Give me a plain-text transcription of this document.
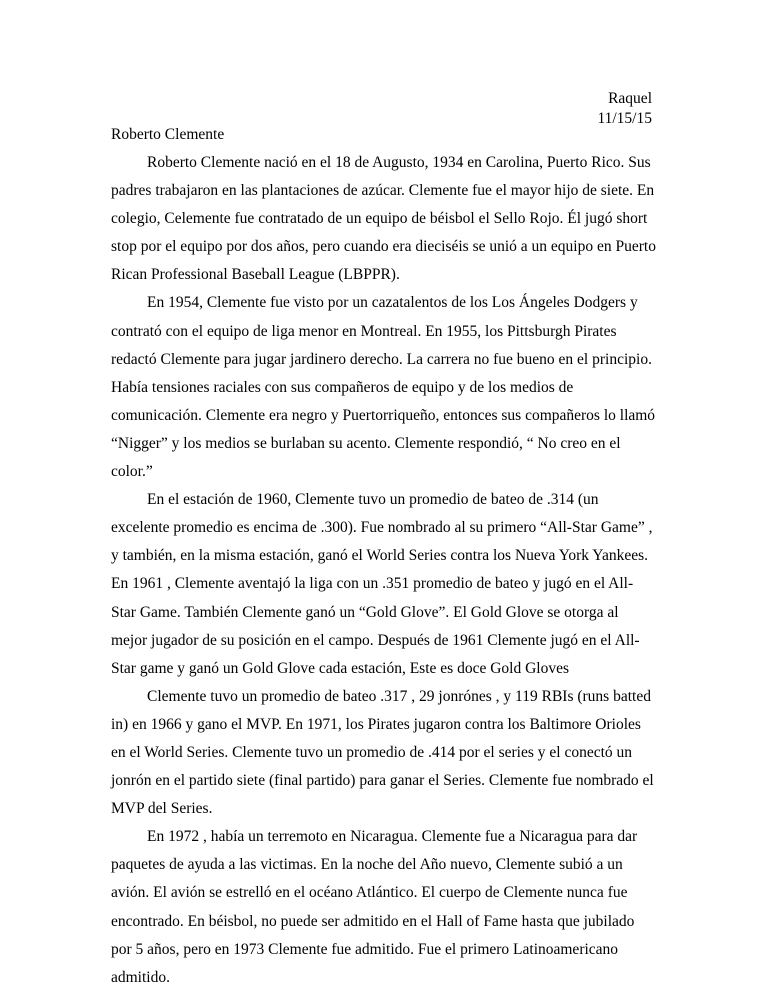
Raquel
11/15/15
Roberto Clemente

Roberto Clemente nació en el 18 de Augusto, 1934 en Carolina, Puerto Rico. Sus padres trabajaron en las plantaciones de azúcar. Clemente fue el mayor hijo de siete. En colegio, Celemente fue contratado de un equipo de béisbol el Sello Rojo. Él jugó short stop por el equipo por dos años, pero cuando era dieciséis se unió a un equipo en Puerto Rican Professional Baseball League (LBPPR).

En 1954, Clemente fue visto por un cazatalentos de los Los Ángeles Dodgers y contrató con el equipo de liga menor en Montreal. En 1955, los Pittsburgh Pirates redactó Clemente para jugar jardinero derecho. La carrera no fue bueno en el principio. Había tensiones raciales con sus compañeros de equipo y de los medios de comunicación. Clemente era negro y Puertorriqueño, entonces sus compañeros lo llamó “Nigger” y los medios se burlaban su acento. Clemente respondió, “ No creo en el color.”

En el estación de 1960, Clemente tuvo un promedio de bateo de .314 (un excelente promedio es encima de .300). Fue nombrado al su primero “All-Star Game” , y también, en la misma estación, ganó el World Series contra los Nueva York Yankees. En 1961 , Clemente aventajó la liga con un .351 promedio de bateo y jugó en el All-Star Game. También Clemente ganó un “Gold Glove”. El Gold Glove se otorga al mejor jugador de su posición en el campo. Después de 1961 Clemente jugó en el All-Star game y ganó un Gold Glove cada estación, Este es doce Gold Gloves

Clemente tuvo un promedio de bateo .317 , 29 jonrónes , y 119 RBIs (runs batted in) en 1966 y gano el MVP. En 1971, los Pirates jugaron contra los Baltimore Orioles en el World Series. Clemente tuvo un promedio de .414 por el series y el conectó un jonrón en el partido siete (final partido) para ganar el Series. Clemente fue nombrado el MVP del Series.

En 1972 , había un terremoto en Nicaragua. Clemente fue a Nicaragua para dar paquetes de ayuda a las victimas. En la noche del Año nuevo, Clemente subió a un avión. El avión se estrelló en el océano Atlántico. El cuerpo de Clemente nunca fue encontrado. En béisbol, no puede ser admitido en el Hall of Fame hasta que jubilado por 5 años, pero en 1973 Clemente fue admitido. Fue el primero Latinoamericano admitido.
